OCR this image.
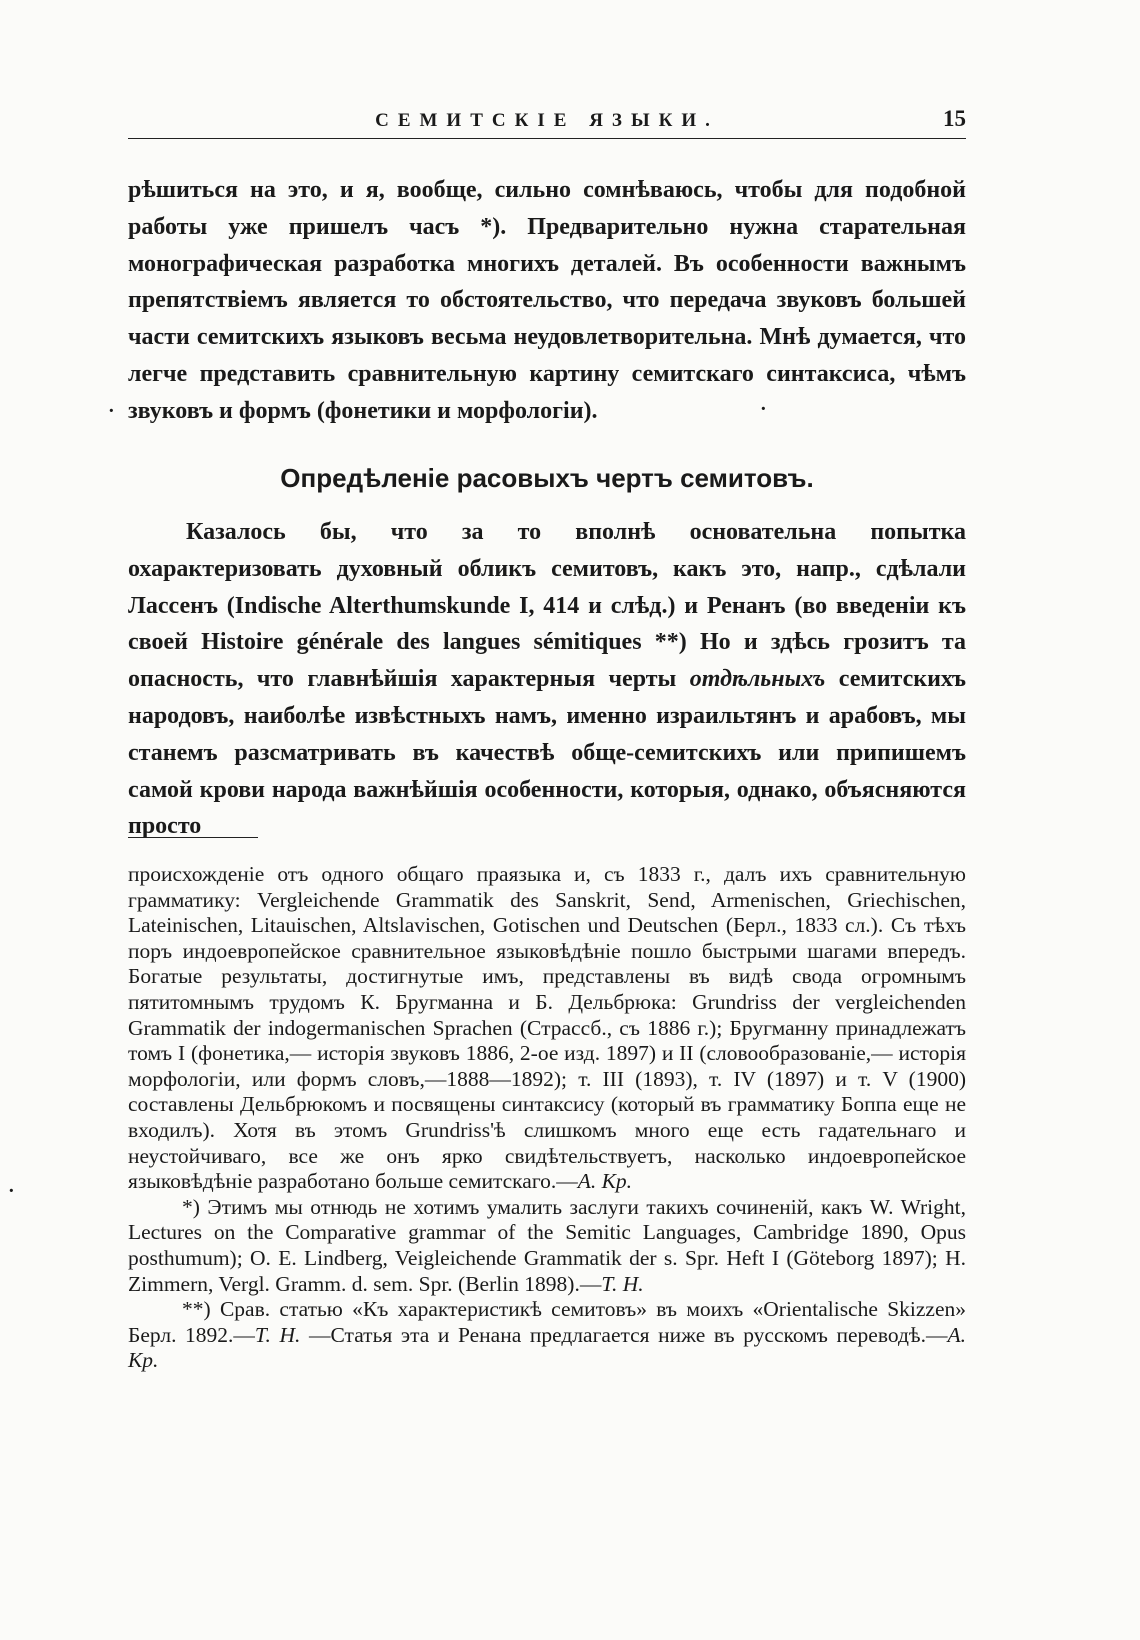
СЕМИТСКІЕ ЯЗЫКИ.	15

рѣшиться на это, и я, вообще, сильно сомнѣваюсь, чтобы для подобной работы уже пришелъ часъ *). Предварительно нужна старательная монографическая разработка многихъ деталей. Въ особенности важнымъ препятствіемъ является то обстоятельство, что передача звуковъ большей части семитскихъ языковъ весьма неудовлетворительна. Мнѣ думается, что легче представить сравнительную картину семитскаго синтаксиса, чѣмъ звуковъ и формъ (фонетики и морфологіи).

·	·
Опредѣленіе расовыхъ чертъ семитовъ.

Казалось бы, что за то вполнѣ основательна попытка охарактеризовать духовный обликъ семитовъ, какъ это, напр., сдѣлали Лассенъ (Indische Alterthumskunde I, 414 и слѣд.) и Ренанъ (во введеніи къ своей Histoire générale des langues sémitiques **) Но и здѣсь грозитъ та опасность, что главнѣйшія характерныя черты отдѣльныхъ семитскихъ народовъ, наиболѣе извѣстныхъ намъ, именно израильтянъ и арабовъ, мы станемъ разсматривать въ качествѣ обще-семитскихъ или припишемъ самой крови народа важнѣйшія особенности, которыя, однако, объясняются просто

происхожденіе отъ одного общаго праязыка и, съ 1833 г., далъ ихъ сравнительную грамматику: Vergleichende Grammatik des Sanskrit, Send, Armenischen, Griechischen, Lateinischen, Litauischen, Altslavischen, Gotischen und Deutschen (Берл., 1833 сл.). Съ тѣхъ поръ индоевропейское сравнительное языковѣдѣніе пошло быстрыми шагами впередъ. Богатые результаты, достигнутые имъ, представлены въ видѣ свода огромнымъ пятитомнымъ трудомъ К. Бругманна и Б. Дельбрюка: Grundriss der vergleichenden Grammatik der indogermanischen Sprachen (Страссб., съ 1886 г.); Бругманну принадлежатъ томъ I (фонетика,— исторія звуковъ 1886, 2-ое изд. 1897) и II (словообразованіе,— исторія морфологіи, или формъ словъ,—1888—1892); т. III (1893), т. IV (1897) и т. V (1900) составлены Дельбрюкомъ и посвящены синтаксису (который въ грамматику Боппа еще не входилъ). Хотя въ этомъ Grundriss'ѣ слишкомъ много еще есть гадательнаго и неустойчиваго, все же онъ ярко свидѣтельствуетъ, насколько индоевропейское языковѣдѣніе разработано больше семитскаго.—А. Кр.

*) Этимъ мы отнюдь не хотимъ умалить заслуги такихъ сочиненій, какъ W. Wright, Lectures on the Comparative grammar of the Semitic Languages, Cambridge 1890, Opus posthumum); O. E. Lindberg, Veigleichende Grammatik der s. Spr. Heft I (Göteborg 1897); H. Zimmern, Vergl. Gramm. d. sem. Spr. (Berlin 1898).—Т. Н.

**) Срав. статью «Къ характеристикѣ семитовъ» въ моихъ «Orientalische Skizzen» Берл. 1892.—Т. Н. —Статья эта и Ренана предлагается ниже въ русскомъ переводѣ.—А. Кр.

·
